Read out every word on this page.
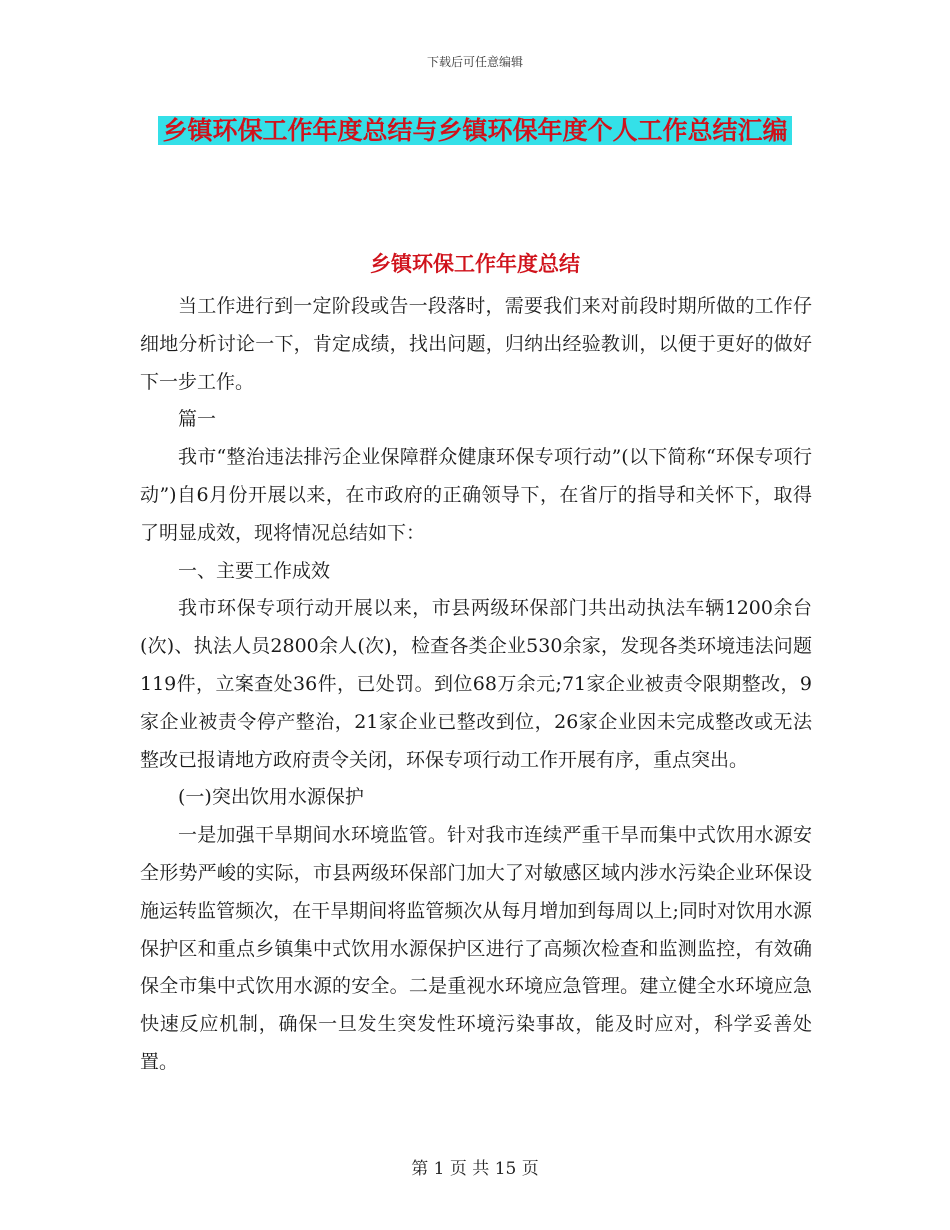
下载后可任意编辑
乡镇环保工作年度总结与乡镇环保年度个人工作总结汇编
乡镇环保工作年度总结

当工作进行到一定阶段或告一段落时，需要我们来对前段时期所做的工作仔细地分析讨论一下，肯定成绩，找出问题，归纳出经验教训，以便于更好的做好下一步工作。

篇一

我市“整治违法排污企业保障群众健康环保专项行动”(以下简称“环保专项行动”)自6月份开展以来，在市政府的正确领导下，在省厅的指导和关怀下，取得了明显成效，现将情况总结如下：

一、主要工作成效

我市环保专项行动开展以来，市县两级环保部门共出动执法车辆1200余台(次)、执法人员2800余人(次)，检查各类企业530余家，发现各类环境违法问题119件，立案查处36件，已处罚。到位68万余元;71家企业被责令限期整改，9家企业被责令停产整治，21家企业已整改到位，26家企业因未完成整改或无法整改已报请地方政府责令关闭，环保专项行动工作开展有序，重点突出。

(一)突出饮用水源保护

一是加强干旱期间水环境监管。针对我市连续严重干旱而集中式饮用水源安全形势严峻的实际，市县两级环保部门加大了对敏感区域内涉水污染企业环保设施运转监管频次，在干旱期间将监管频次从每月增加到每周以上;同时对饮用水源保护区和重点乡镇集中式饮用水源保护区进行了高频次检查和监测监控，有效确保全市集中式饮用水源的安全。二是重视水环境应急管理。建立健全水环境应急快速反应机制，确保一旦发生突发性环境污染事故，能及时应对，科学妥善处置。

第 1 页 共 15 页
